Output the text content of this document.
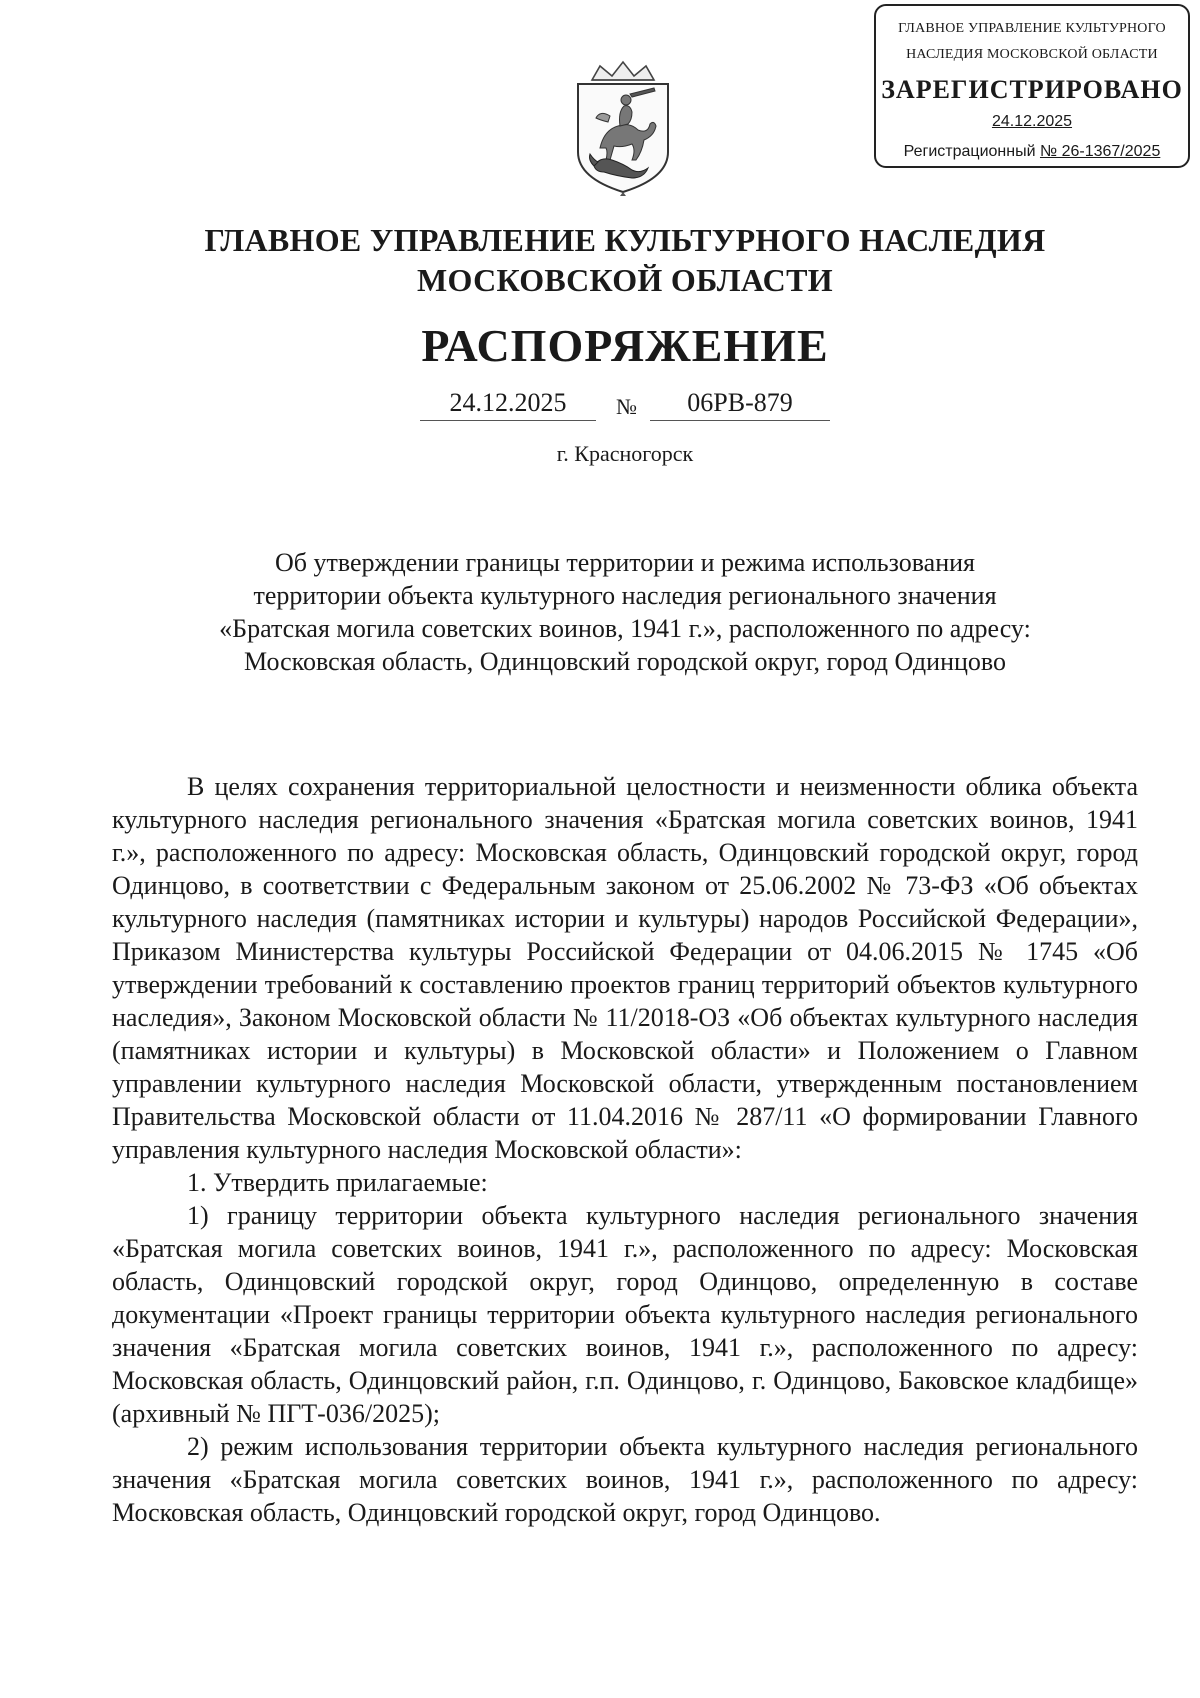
ГЛАВНОЕ УПРАВЛЕНИЕ КУЛЬТУРНОГО
НАСЛЕДИЯ МОСКОВСКОЙ ОБЛАСТИ
ЗАРЕГИСТРИРОВАНО
24.12.2025
Регистрационный № 26-1367/2025
ГЛАВНОЕ УПРАВЛЕНИЕ КУЛЬТУРНОГО НАСЛЕДИЯ
МОСКОВСКОЙ ОБЛАСТИ
РАСПОРЯЖЕНИЕ
24.12.2025	№	06РВ-879
г. Красногорск
Об утверждении границы территории и режима использования
территории объекта культурного наследия регионального значения
«Братская могила советских воинов, 1941 г.», расположенного по адресу:
Московская область, Одинцовский городской округ, город Одинцово

В целях сохранения территориальной целостности и неизменности облика объекта культурного наследия регионального значения «Братская могила советских воинов, 1941 г.», расположенного по адресу: Московская область, Одинцовский городской округ, город Одинцово, в соответствии с Федеральным законом от 25.06.2002 № 73-ФЗ «Об объектах культурного наследия (памятниках истории и культуры) народов Российской Федерации», Приказом Министерства культуры Российской Федерации от 04.06.2015 № 1745 «Об утверждении требований к составлению проектов границ территорий объектов культурного наследия», Законом Московской области № 11/2018-ОЗ «Об объектах культурного наследия (памятниках истории и культуры) в Московской области» и Положением о Главном управлении культурного наследия Московской области, утвержденным постановлением Правительства Московской области от 11.04.2016 № 287/11 «О формировании Главного управления культурного наследия Московской области»:

1. Утвердить прилагаемые:

1) границу территории объекта культурного наследия регионального значения «Братская могила советских воинов, 1941 г.», расположенного по адресу: Московская область, Одинцовский городской округ, город Одинцово, определенную в составе документации «Проект границы территории объекта культурного наследия регионального значения «Братская могила советских воинов, 1941 г.», расположенного по адресу: Московская область, Одинцовский район, г.п. Одинцово, г. Одинцово, Баковское кладбище» (архивный № ПГТ-036/2025);

2) режим использования территории объекта культурного наследия регионального значения «Братская могила советских воинов, 1941 г.», расположенного по адресу: Московская область, Одинцовский городской округ, город Одинцово.
